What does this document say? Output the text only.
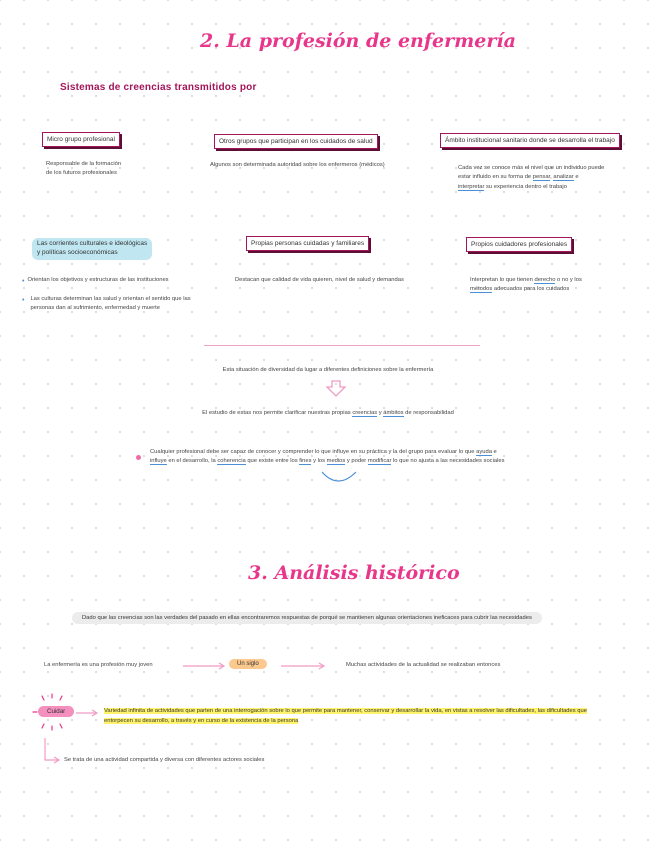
2. La profesión de enfermería
Sistemas de creencias transmitidos por
Micro grupo profesional
Responsable de la formación
de los futuros profesionales
Otros grupos que participan en los cuidados de salud
Algunos son determinada autoridad sobre los enfermeros (médicos)
Ámbito institucional sanitario donde se desarrolla el trabajo
Cada vez se conoce más el nivel que un individuo puede
estar influido en su forma de pensar, analizar e
interpretar su experiencia dentro el trabajo
Las corrientes culturales e ideológicas
y políticas socioeconómicas
• Orientan los objetivos y estructuras de las instituciones
• Las culturas determinan las salud y orientan el sentido que las personas dan al sufrimiento, enfermedad y muerte
Propias personas cuidadas y familiares
Destacan que calidad de vida quieren, nivel de salud y demandas
Propios cuidadores profesionales
Interpretan lo que tienen derecho o no y los
métodos adecuados para los cuidados
Esta situación de diversidad da lugar a diferentes definiciones sobre la enfermería
El estudio de estas nos permite clarificar nuestras propias creencias y ámbitos de responsabilidad
Cualquier profesional debe ser capaz de conocer y comprender lo que influye en su práctica y la del grupo para evaluar lo que ayuda e
influye en el desarrollo, la coherencia que existe entre los fines y los medios y poder modificar lo que no ajusta a las necesidades sociales
3. Análisis histórico
Dado que las creencias son las verdades del pasado en ellas encontraremos respuestas de porqué se mantienen algunas orientaciones ineficaces para cubrir las necesidades
La enfermería es una profesión muy joven	Un siglo	Muchas actividades de la actualidad se realizaban entonces
Cuidar	Variedad infinita de actividades que parten de una interrogación sobre lo que permite para mantener, conservar y desarrollar la vida, en vistas a resolver las dificultades, las dificultades que
entorpecen su desarrollo, a través y en curso de la existencia de la persona
Se trata de una actividad compartida y diversa con diferentes actores sociales
